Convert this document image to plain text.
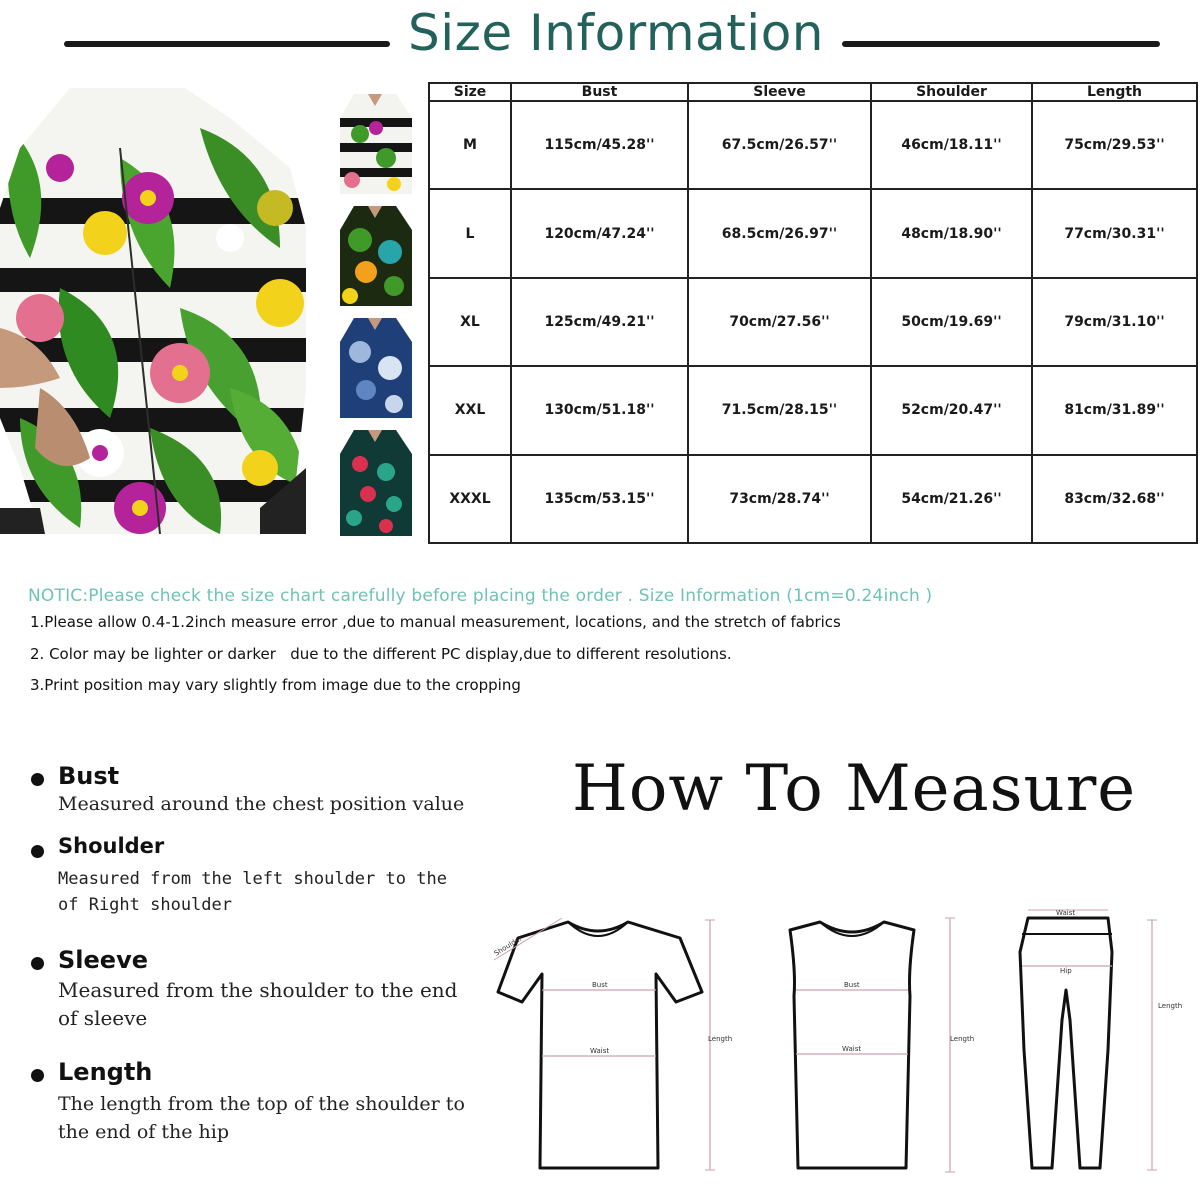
Size Information
Size	Bust	Sleeve	Shoulder	Length
M	115cm/45.28''	67.5cm/26.57''	46cm/18.11''	75cm/29.53''
L	120cm/47.24''	68.5cm/26.97''	48cm/18.90''	77cm/30.31''
XL	125cm/49.21''	70cm/27.56''	50cm/19.69''	79cm/31.10''
XXL	130cm/51.18''	71.5cm/28.15''	52cm/20.47''	81cm/31.89''
XXXL	135cm/53.15''	73cm/28.74''	54cm/21.26''	83cm/32.68''
NOTIC:Please check the size chart carefully before placing the order . Size Information (1cm=0.24inch )
1.Please allow 0.4-1.2inch measure error ,due to manual measurement, locations, and the stretch of fabrics
2. Color may be lighter or darker   due to the different PC display,due to different resolutions.
3.Print position may vary slightly from image due to the cropping
Bust
Measured around the chest position value
Shoulder
Measured from the left shoulder to the
of Right shoulder
Sleeve
Measured from the shoulder to the end
of sleeve
Length
The length from the top of the shoulder to
the end of the hip
How To Measure
Bust
Waist
Shoulder
Length
Bust
Waist
Length
Waist
Hip
Length
